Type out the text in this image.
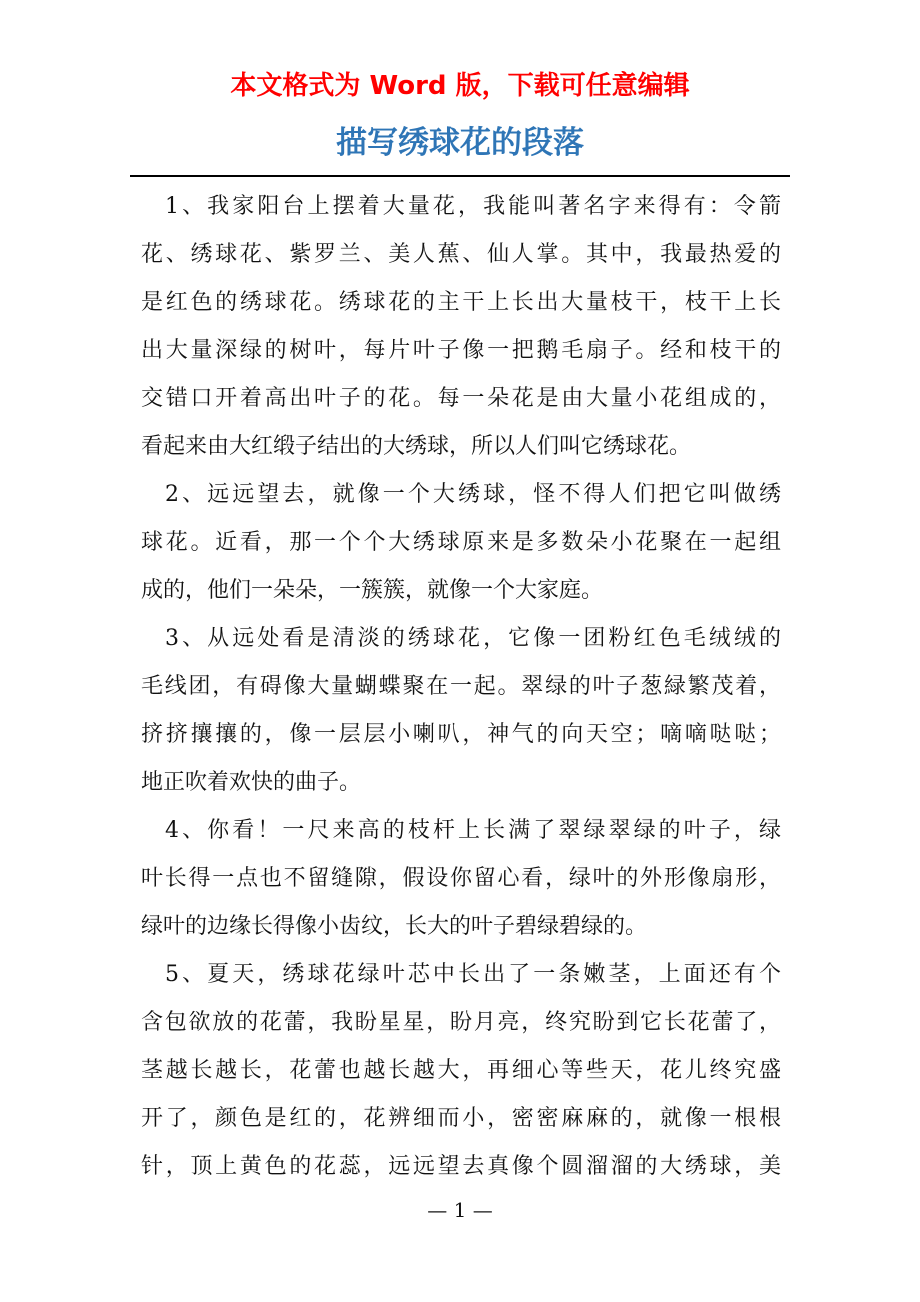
本文格式为 Word 版，下载可任意编辑
描写绣球花的段落
1、我家阳台上摆着大量花，我能叫著名字来得有：令箭
花、绣球花、紫罗兰、美人蕉、仙人掌。其中，我最热爱的
是红色的绣球花。绣球花的主干上长出大量枝干，枝干上长
出大量深绿的树叶，每片叶子像一把鹅毛扇子。经和枝干的
交错口开着高出叶子的花。每一朵花是由大量小花组成的，
看起来由大红缎子结出的大绣球，所以人们叫它绣球花。
2、远远望去，就像一个大绣球，怪不得人们把它叫做绣
球花。近看，那一个个大绣球原来是多数朵小花聚在一起组
成的，他们一朵朵，一簇簇，就像一个大家庭。
3、从远处看是清淡的绣球花，它像一团粉红色毛绒绒的
毛线团，有碍像大量蝴蝶聚在一起。翠绿的叶子葱緑繁茂着，
挤挤攘攘的，像一层层小喇叭，神气的向天空；嘀嘀哒哒；
地正吹着欢快的曲子。
4、你看！一尺来高的枝杆上长满了翠绿翠绿的叶子，绿
叶长得一点也不留缝隙，假设你留心看，绿叶的外形像扇形，
绿叶的边缘长得像小齿纹，长大的叶子碧绿碧绿的。
5、夏天，绣球花绿叶芯中长出了一条嫩茎，上面还有个
含包欲放的花蕾，我盼星星，盼月亮，终究盼到它长花蕾了，
茎越长越长，花蕾也越长越大，再细心等些天，花儿终究盛
开了，颜色是红的，花辨细而小，密密麻麻的，就像一根根
针，顶上黄色的花蕊，远远望去真像个圆溜溜的大绣球，美
— 1 —
